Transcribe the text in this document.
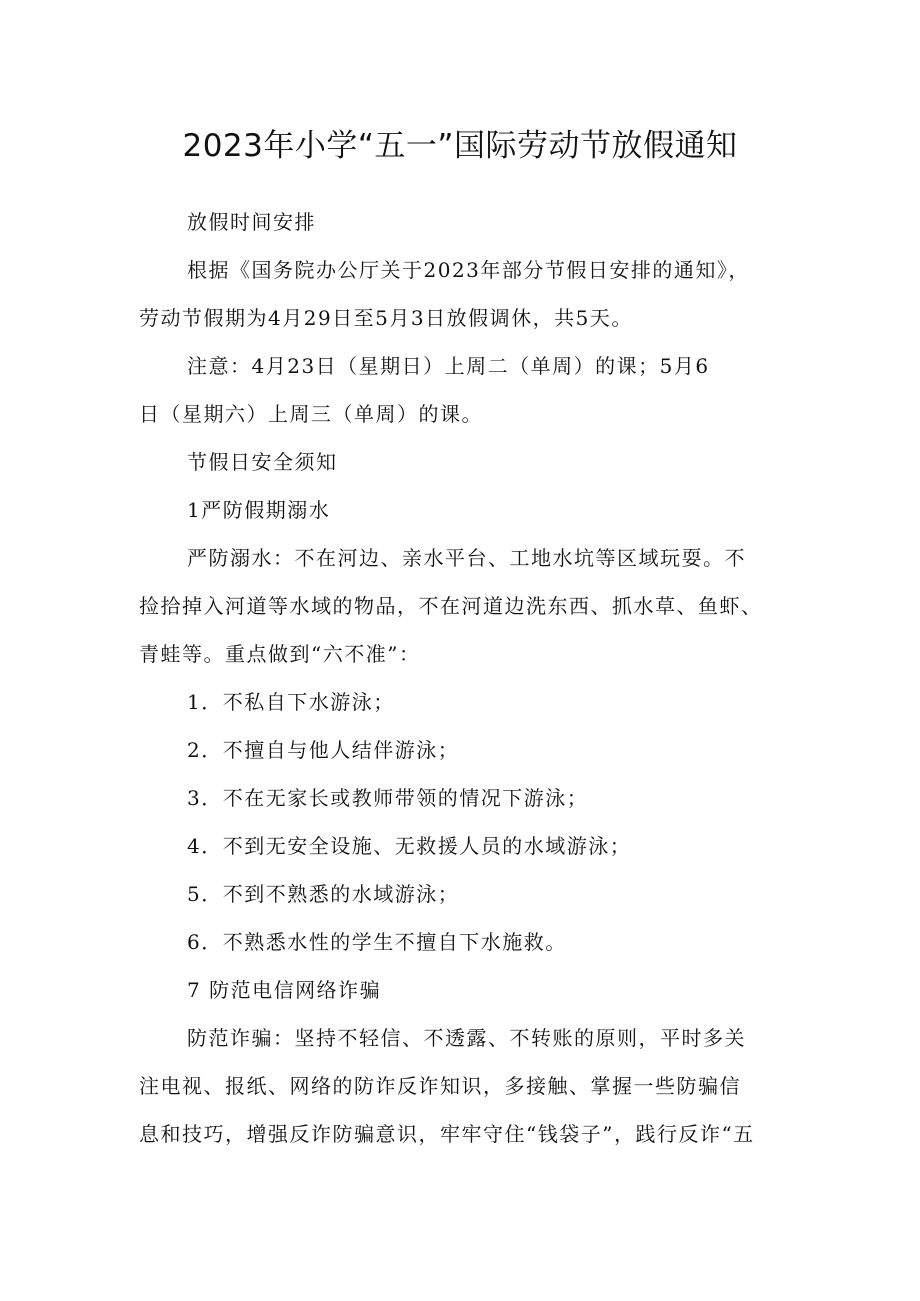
2023年小学“五一”国际劳动节放假通知

放假时间安排

根据《国务院办公厅关于2023年部分节假日安排的通知》，
劳动节假期为4月29日至5月3日放假调休，共5天。

注意：4月23日（星期日）上周二（单周）的课；5月6
日（星期六）上周三（单周）的课。

节假日安全须知

1严防假期溺水

严防溺水：不在河边、亲水平台、工地水坑等区域玩耍。不
捡拾掉入河道等水域的物品，不在河道边洗东西、抓水草、鱼虾、
青蛙等。重点做到“六不准”：

1．不私自下水游泳；

2．不擅自与他人结伴游泳；

3．不在无家长或教师带领的情况下游泳；

4．不到无安全设施、无救援人员的水域游泳；

5．不到不熟悉的水域游泳；

6．不熟悉水性的学生不擅自下水施救。

7 防范电信网络诈骗

防范诈骗：坚持不轻信、不透露、不转账的原则，平时多关
注电视、报纸、网络的防诈反诈知识，多接触、掌握一些防骗信
息和技巧，增强反诈防骗意识，牢牢守住“钱袋子”，践行反诈“五
